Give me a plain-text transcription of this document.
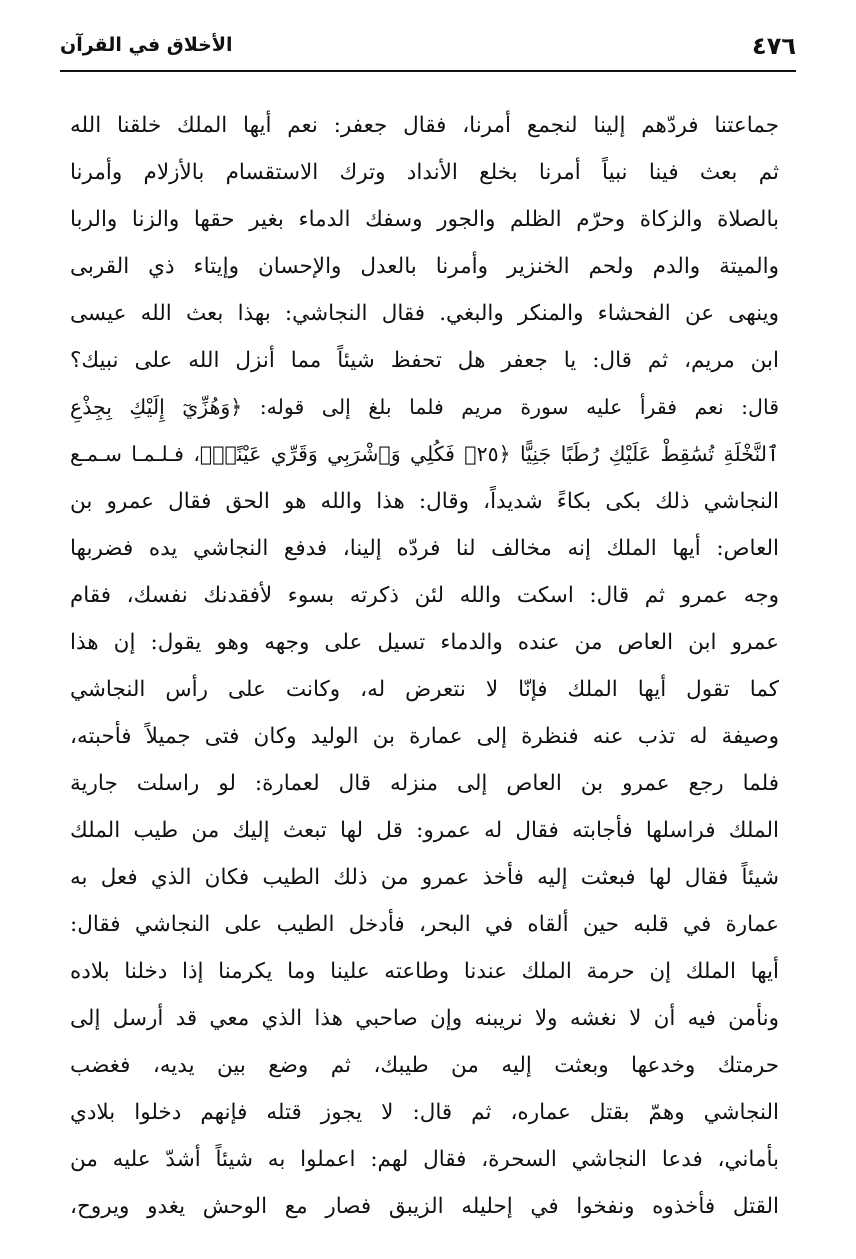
٤٧٦
الأخلاق في القرآن
جماعتنا فردّهم إلينا لنجمع أمرنا، فقال جعفر: نعم أيها الملك خلقنا الله
ثم بعث فينا نبياً أمرنا بخلع الأنداد وترك الاستقسام بالأزلام وأمرنا
بالصلاة والزكاة وحرّم الظلم والجور وسفك الدماء بغير حقها والزنا والربا
والميتة والدم ولحم الخنزير وأمرنا بالعدل والإحسان وإيتاء ذي القربى
وينهى عن الفحشاء والمنكر والبغي. فقال النجاشي: بهذا بعث الله عيسى
ابن مريم، ثم قال: يا جعفر هل تحفظ شيئاً مما أنزل الله على نبيك؟
قال: نعم فقرأ عليه سورة مريم فلما بلغ إلى قوله: ﴿وَهُزِّيٓ إِلَيْكِ بِجِذْعِ
ٱلنَّخْلَةِ تُسَٰقِطْ عَلَيْكِ رُطَبًا جَنِيًّا ﴿٢٥﴾ فَكُلِي وَٱشْرَبِي وَقَرِّي عَيْنًاۖ﴾، فـلـمـا سـمـع
النجاشي ذلك بكى بكاءً شديداً، وقال: هذا والله هو الحق فقال عمرو بن
العاص: أيها الملك إنه مخالف لنا فردّه إلينا، فدفع النجاشي يده فضربها
وجه عمرو ثم قال: اسكت والله لئن ذكرته بسوء لأفقدنك نفسك، فقام
عمرو ابن العاص من عنده والدماء تسيل على وجهه وهو يقول: إن هذا
كما تقول أيها الملك فإنّا لا نتعرض له، وكانت على رأس النجاشي
وصيفة له تذب عنه فنظرة إلى عمارة بن الوليد وكان فتى جميلاً فأحبته،
فلما رجع عمرو بن العاص إلى منزله قال لعمارة: لو راسلت جارية
الملك فراسلها فأجابته فقال له عمرو: قل لها تبعث إليك من طيب الملك
شيئاً فقال لها فبعثت إليه فأخذ عمرو من ذلك الطيب فكان الذي فعل به
عمارة في قلبه حين ألقاه في البحر، فأدخل الطيب على النجاشي فقال:
أيها الملك إن حرمة الملك عندنا وطاعته علينا وما يكرمنا إذا دخلنا بلاده
ونأمن فيه أن لا نغشه ولا نريبنه وإن صاحبي هذا الذي معي قد أرسل إلى
حرمتك وخدعها وبعثت إليه من طيبك، ثم وضع بين يديه، فغضب
النجاشي وهمّ بقتل عماره، ثم قال: لا يجوز قتله فإنهم دخلوا بلادي
بأماني، فدعا النجاشي السحرة، فقال لهم: اعملوا به شيئاً أشدّ عليه من
القتل فأخذوه ونفخوا في إحليله الزيبق فصار مع الوحش يغدو ويروح،
